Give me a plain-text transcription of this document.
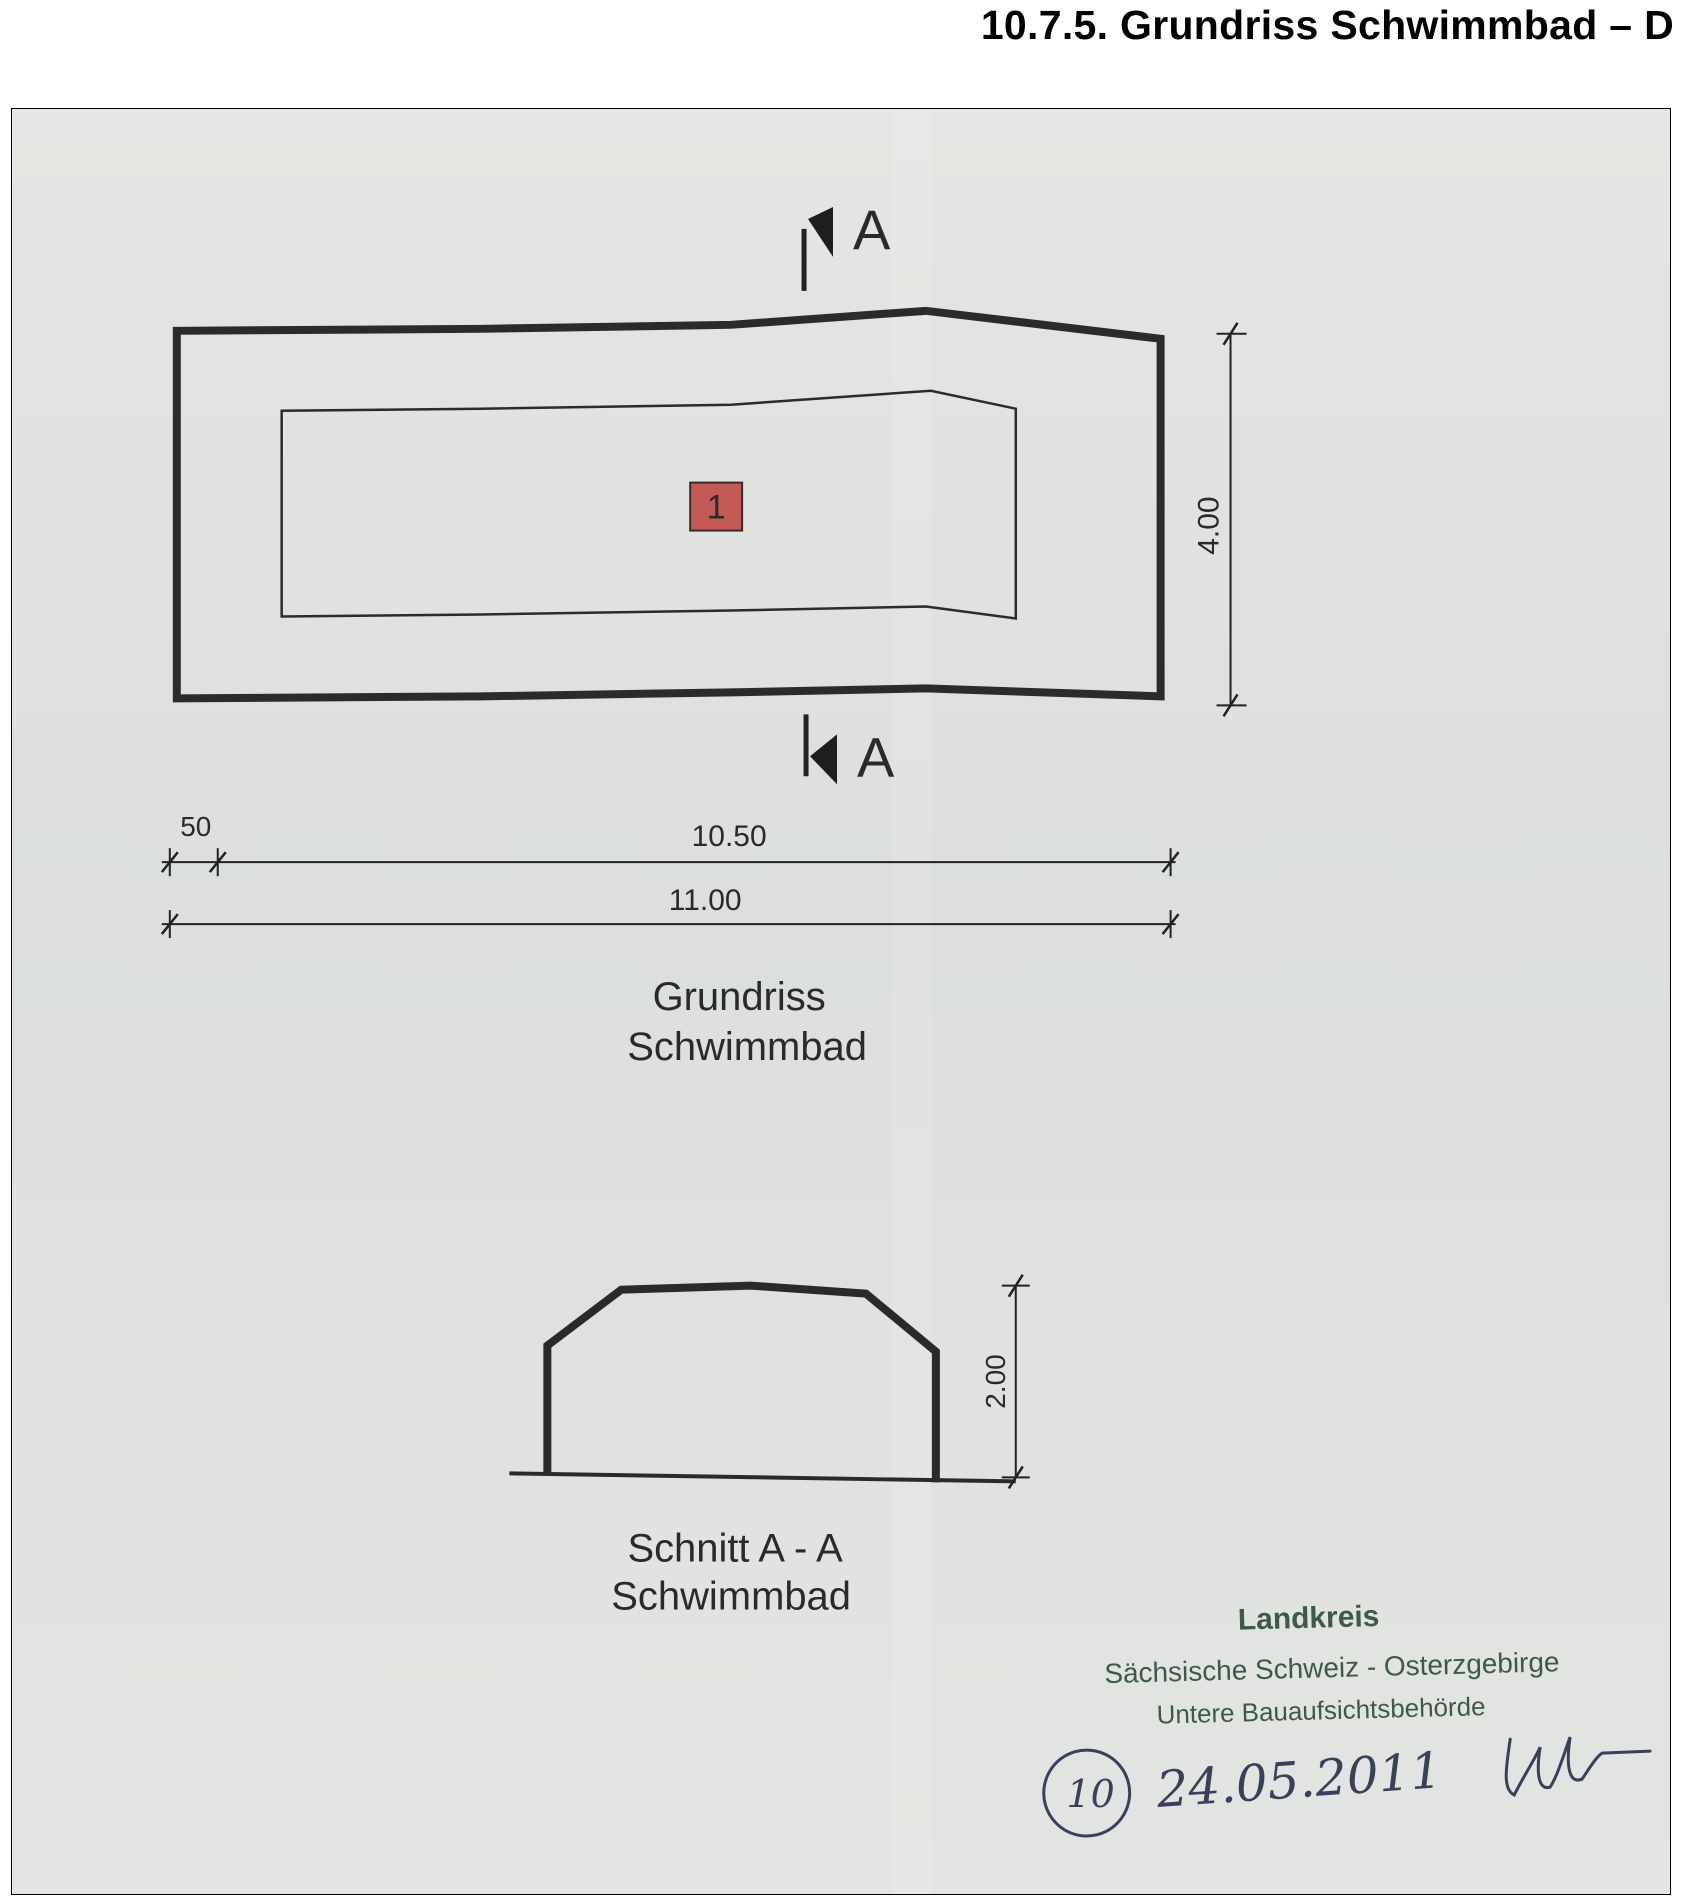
10.7.5. Grundriss Schwimmbad – D
1
A
A
4.00
50	10.50
11.00
Grundriss
Schwimmbad
2.00
Schnitt A - A
Schwimmbad
Landkreis
Sächsische Schweiz - Osterzgebirge
Untere Bauaufsichtsbehörde
10 24.05.2011
